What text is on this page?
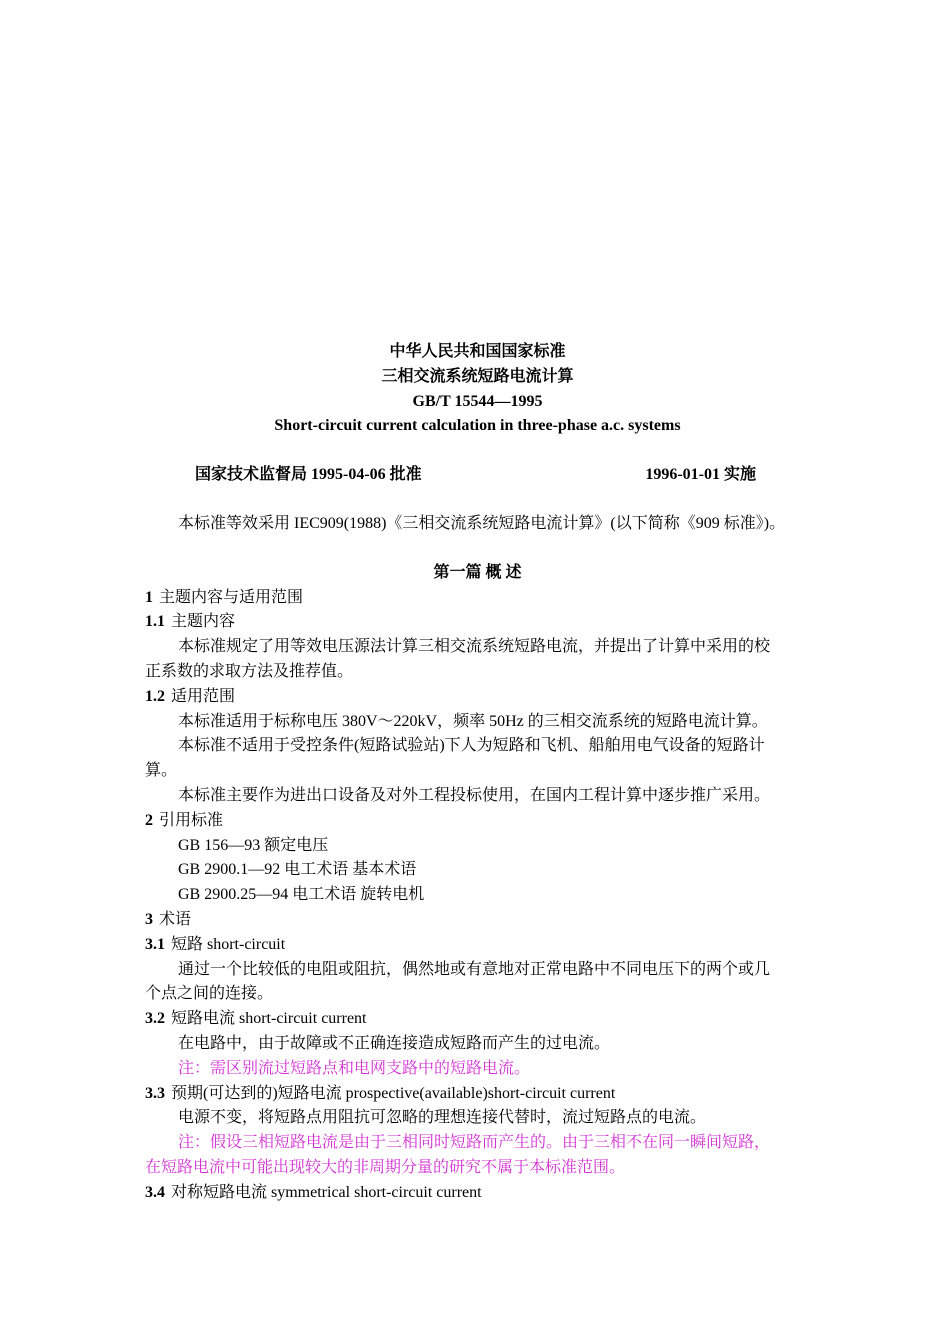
中华人民共和国国家标准
三相交流系统短路电流计算
GB/T 15544—1995
Short-circuit current calculation in three-phase a.c. systems
国家技术监督局 1995-04-06 批准	1996-01-01 实施
本标准等效采用 IEC909(1988)《三相交流系统短路电流计算》(以下简称《909 标准》)。
第一篇 概 述
1 主题内容与适用范围
1.1 主题内容
本标准规定了用等效电压源法计算三相交流系统短路电流，并提出了计算中采用的校
正系数的求取方法及推荐值。
1.2 适用范围
本标准适用于标称电压 380V～220kV，频率 50Hz 的三相交流系统的短路电流计算。
本标准不适用于受控条件(短路试验站)下人为短路和飞机、船舶用电气设备的短路计
算。
本标准主要作为进出口设备及对外工程投标使用，在国内工程计算中逐步推广采用。
2 引用标准
GB 156—93 额定电压
GB 2900.1—92 电工术语 基本术语
GB 2900.25—94 电工术语 旋转电机
3 术语
3.1 短路 short-circuit
通过一个比较低的电阻或阻抗，偶然地或有意地对正常电路中不同电压下的两个或几
个点之间的连接。
3.2 短路电流 short-circuit current
在电路中，由于故障或不正确连接造成短路而产生的过电流。
注：需区别流过短路点和电网支路中的短路电流。
3.3 预期(可达到的)短路电流 prospective(available)short-circuit current
电源不变，将短路点用阻抗可忽略的理想连接代替时，流过短路点的电流。
注：假设三相短路电流是由于三相同时短路而产生的。由于三相不在同一瞬间短路，
在短路电流中可能出现较大的非周期分量的研究不属于本标准范围。
3.4 对称短路电流 symmetrical short-circuit current
